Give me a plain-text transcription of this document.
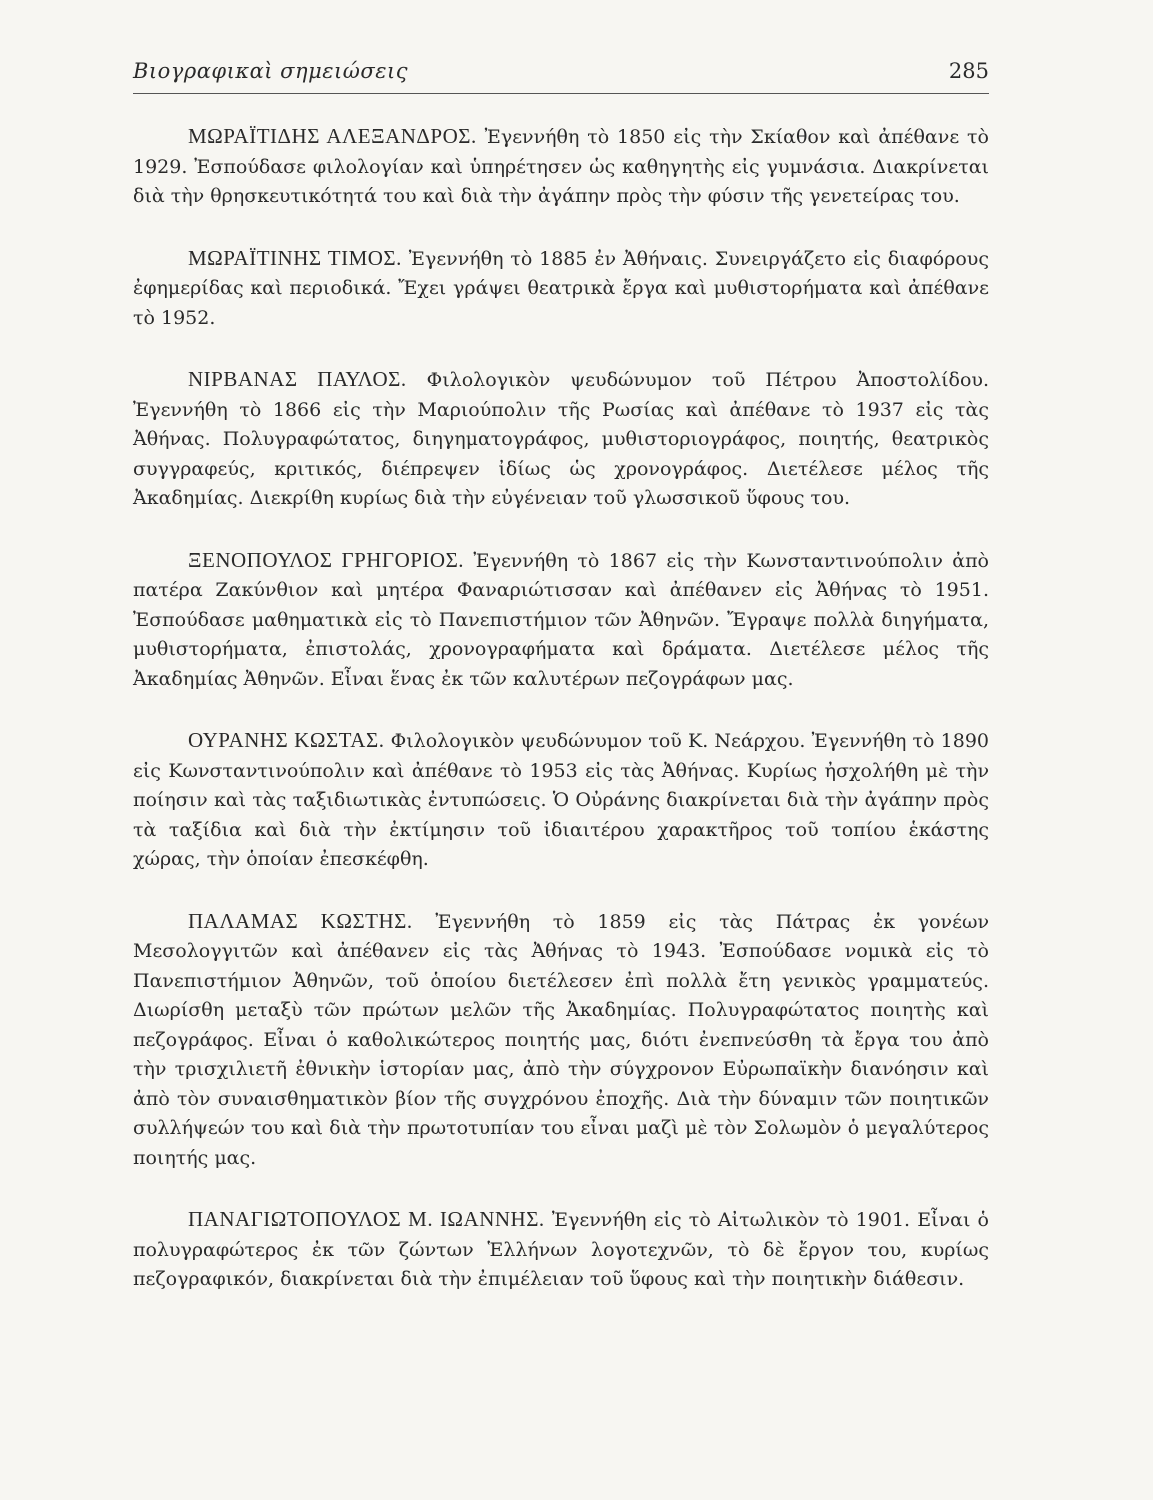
Βιογραφικαὶ σημειώσεις	285

ΜΩΡΑΪΤΙΔΗΣ ΑΛΕΞΑΝΔΡΟΣ. Ἐγεννήθη τὸ 1850 εἰς τὴν Σκίαθον καὶ ἀπέθανε τὸ 1929. Ἐσπούδασε φιλολογίαν καὶ ὑπηρέτησεν ὡς καθηγητὴς εἰς γυμνάσια. Διακρίνεται διὰ τὴν θρησκευτικότητά του καὶ διὰ τὴν ἀγάπην πρὸς τὴν φύσιν τῆς γενετείρας του.

ΜΩΡΑΪΤΙΝΗΣ ΤΙΜΟΣ. Ἐγεννήθη τὸ 1885 ἐν Ἀθήναις. Συνειργάζετο εἰς διαφόρους ἐφημερίδας καὶ περιοδικά. Ἔχει γράψει θεατρικὰ ἔργα καὶ μυθιστορήματα καὶ ἀπέθανε τὸ 1952.

ΝΙΡΒΑΝΑΣ ΠΑΥΛΟΣ. Φιλολογικὸν ψευδώνυμον τοῦ Πέτρου Ἀποστολίδου. Ἐγεννήθη τὸ 1866 εἰς τὴν Μαριούπολιν τῆς Ρωσίας καὶ ἀπέθανε τὸ 1937 εἰς τὰς Ἀθήνας. Πολυγραφώτατος, διηγηματογράφος, μυθιστοριογράφος, ποιητής, θεατρικὸς συγγραφεύς, κριτικός, διέπρεψεν ἰδίως ὡς χρονογράφος. Διετέλεσε μέλος τῆς Ἀκαδημίας. Διεκρίθη κυρίως διὰ τὴν εὐγένειαν τοῦ γλωσσικοῦ ὕφους του.

ΞΕΝΟΠΟΥΛΟΣ ΓΡΗΓΟΡΙΟΣ. Ἐγεννήθη τὸ 1867 εἰς τὴν Κωνσταντινούπολιν ἀπὸ πατέρα Ζακύνθιον καὶ μητέρα Φαναριώτισσαν καὶ ἀπέθανεν εἰς Ἀθήνας τὸ 1951. Ἐσπούδασε μαθηματικὰ εἰς τὸ Πανεπιστήμιον τῶν Ἀθηνῶν. Ἔγραψε πολλὰ διηγήματα, μυθιστορήματα, ἐπιστολάς, χρονογραφήματα καὶ δράματα. Διετέλεσε μέλος τῆς Ἀκαδημίας Ἀθηνῶν. Εἶναι ἕνας ἐκ τῶν καλυτέρων πεζογράφων μας.

ΟΥΡΑΝΗΣ ΚΩΣΤΑΣ. Φιλολογικὸν ψευδώνυμον τοῦ Κ. Νεάρχου. Ἐγεννήθη τὸ 1890 εἰς Κωνσταντινούπολιν καὶ ἀπέθανε τὸ 1953 εἰς τὰς Ἀθήνας. Κυρίως ἠσχολήθη μὲ τὴν ποίησιν καὶ τὰς ταξιδιωτικὰς ἐντυπώσεις. Ὁ Οὐράνης διακρίνεται διὰ τὴν ἀγάπην πρὸς τὰ ταξίδια καὶ διὰ τὴν ἐκτίμησιν τοῦ ἰδιαιτέρου χαρακτῆρος τοῦ τοπίου ἑκάστης χώρας, τὴν ὁποίαν ἐπεσκέφθη.

ΠΑΛΑΜΑΣ ΚΩΣΤΗΣ. Ἐγεννήθη τὸ 1859 εἰς τὰς Πάτρας ἐκ γονέων Μεσολογγιτῶν καὶ ἀπέθανεν εἰς τὰς Ἀθήνας τὸ 1943. Ἐσπούδασε νομικὰ εἰς τὸ Πανεπιστήμιον Ἀθηνῶν, τοῦ ὁποίου διετέλεσεν ἐπὶ πολλὰ ἔτη γενικὸς γραμματεύς. Διωρίσθη μεταξὺ τῶν πρώτων μελῶν τῆς Ἀκαδημίας. Πολυγραφώτατος ποιητὴς καὶ πεζογράφος. Εἶναι ὁ καθολικώτερος ποιητής μας, διότι ἐνεπνεύσθη τὰ ἔργα του ἀπὸ τὴν τρισχιλιετῆ ἐθνικὴν ἱστορίαν μας, ἀπὸ τὴν σύγχρονον Εὐρωπαϊκὴν διανόησιν καὶ ἀπὸ τὸν συναισθηματικὸν βίον τῆς συγχρόνου ἐποχῆς. Διὰ τὴν δύναμιν τῶν ποιητικῶν συλλήψεών του καὶ διὰ τὴν πρωτοτυπίαν του εἶναι μαζὶ μὲ τὸν Σολωμὸν ὁ μεγαλύτερος ποιητής μας.

ΠΑΝΑΓΙΩΤΟΠΟΥΛΟΣ Μ. ΙΩΑΝΝΗΣ. Ἐγεννήθη εἰς τὸ Αἰτωλικὸν τὸ 1901. Εἶναι ὁ πολυγραφώτερος ἐκ τῶν ζώντων Ἑλλήνων λογοτεχνῶν, τὸ δὲ ἔργον του, κυρίως πεζογραφικόν, διακρίνεται διὰ τὴν ἐπιμέλειαν τοῦ ὕφους καὶ τὴν ποιητικὴν διάθεσιν.
